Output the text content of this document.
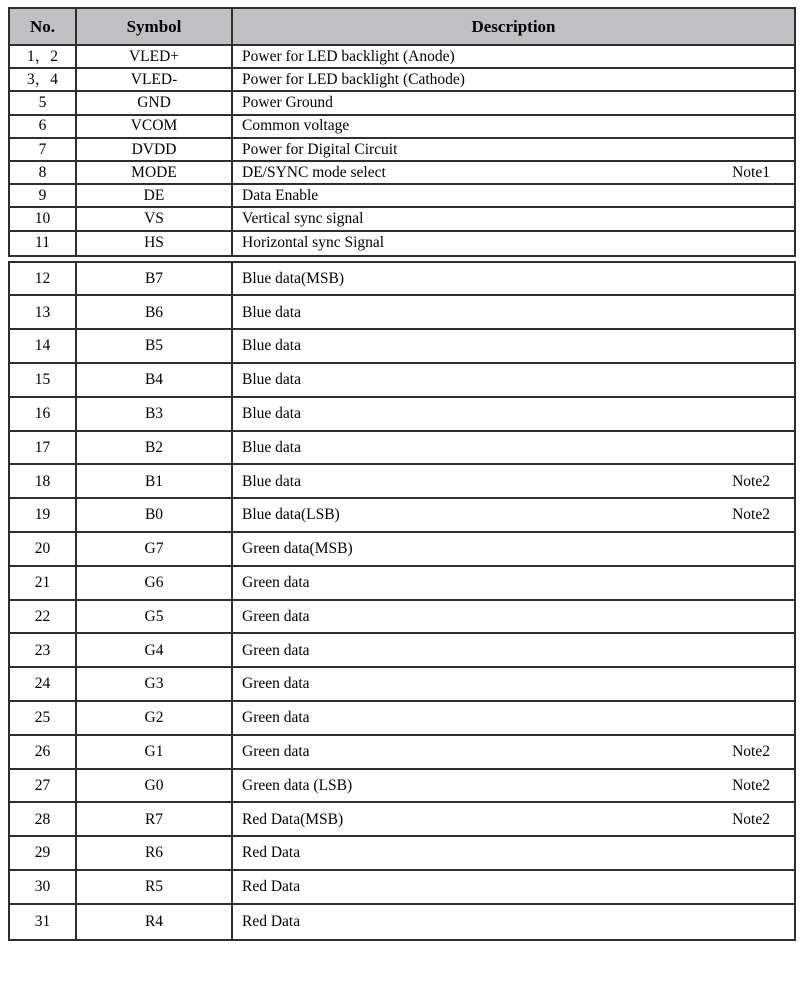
No.	Symbol	Description
1，2	VLED+	Power for LED backlight (Anode)
3，4	VLED-	Power for LED backlight (Cathode)
5	GND	Power Ground
6	VCOM	Common voltage
7	DVDD	Power for Digital Circuit
8	MODE	DE/SYNC mode select	Note1
9	DE	Data Enable
10	VS	Vertical sync signal
11	HS	Horizontal sync Signal
12	B7	Blue data(MSB)
13	B6	Blue data
14	B5	Blue data
15	B4	Blue data
16	B3	Blue data
17	B2	Blue data
18	B1	Blue data	Note2
19	B0	Blue data(LSB)	Note2
20	G7	Green data(MSB)
21	G6	Green data
22	G5	Green data
23	G4	Green data
24	G3	Green data
25	G2	Green data
26	G1	Green data	Note2
27	G0	Green data (LSB)	Note2
28	R7	Red Data(MSB)	Note2
29	R6	Red Data
30	R5	Red Data
31	R4	Red Data
